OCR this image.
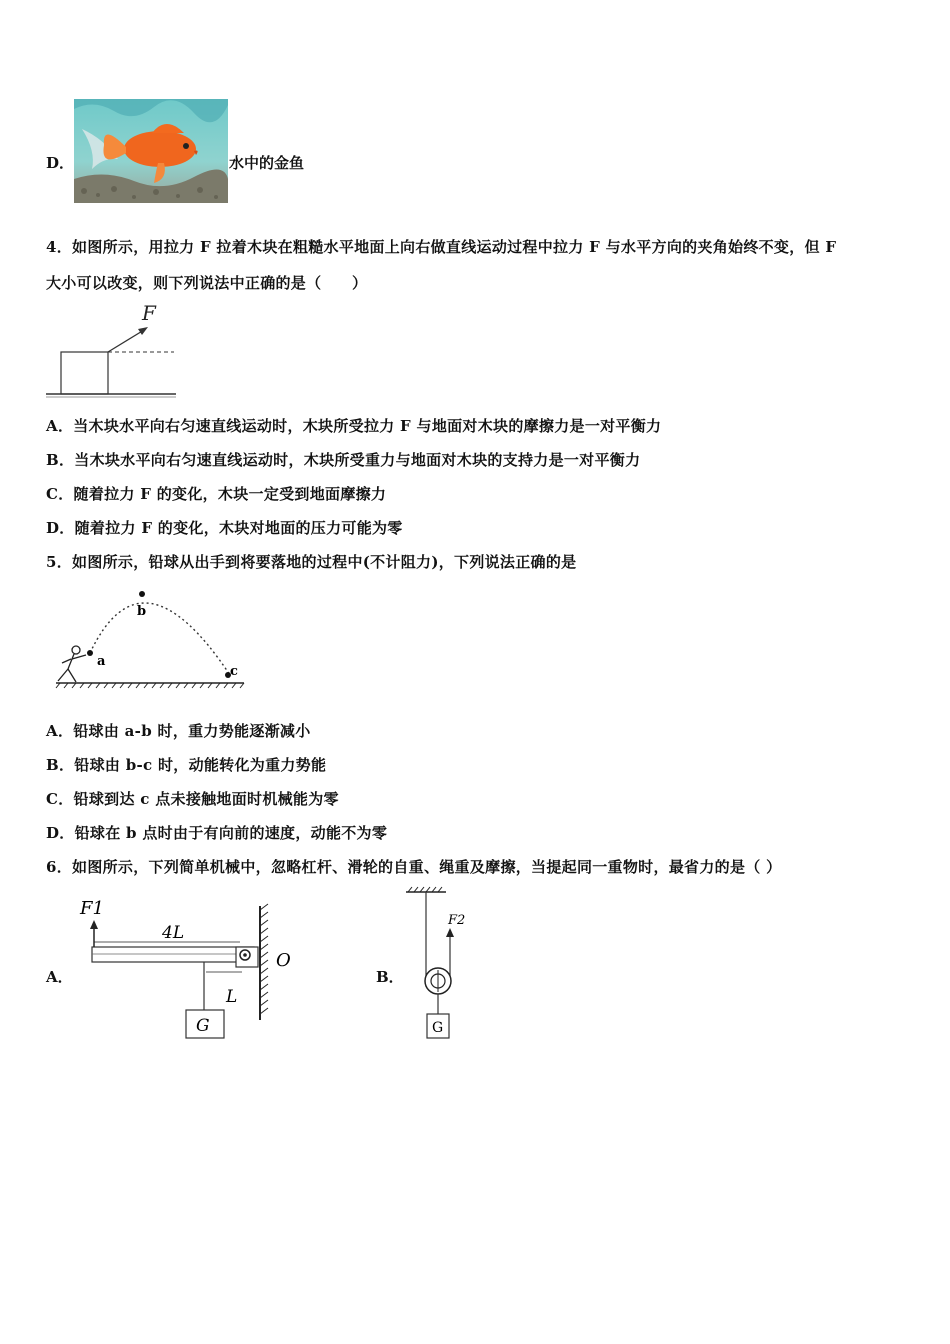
D．	水中的金鱼
4．如图所示，用拉力 F 拉着木块在粗糙水平地面上向右做直线运动过程中拉力 F 与水平方向的夹角始终不变，但 F
大小可以改变，则下列说法中正确的是（　　）
F
A．当木块水平向右匀速直线运动时，木块所受拉力 F 与地面对木块的摩擦力是一对平衡力
B．当木块水平向右匀速直线运动时，木块所受重力与地面对木块的支持力是一对平衡力
C．随着拉力 F 的变化，木块一定受到地面摩擦力
D．随着拉力 F 的变化，木块对地面的压力可能为零
5．如图所示，铅球从出手到将要落地的过程中(不计阻力)，下列说法正确的是
a
b
c
A．铅球由 a-b 时，重力势能逐渐减小
B．铅球由 b-c 时，动能转化为重力势能
C．铅球到达 c 点未接触地面时机械能为零
D．铅球在 b 点时由于有向前的速度，动能不为零
6．如图所示，下列简单机械中，忽略杠杆、滑轮的自重、绳重及摩擦，当提起同一重物时，最省力的是（ ）
A．
F1
4L
L
O
G
B．
F2
G
